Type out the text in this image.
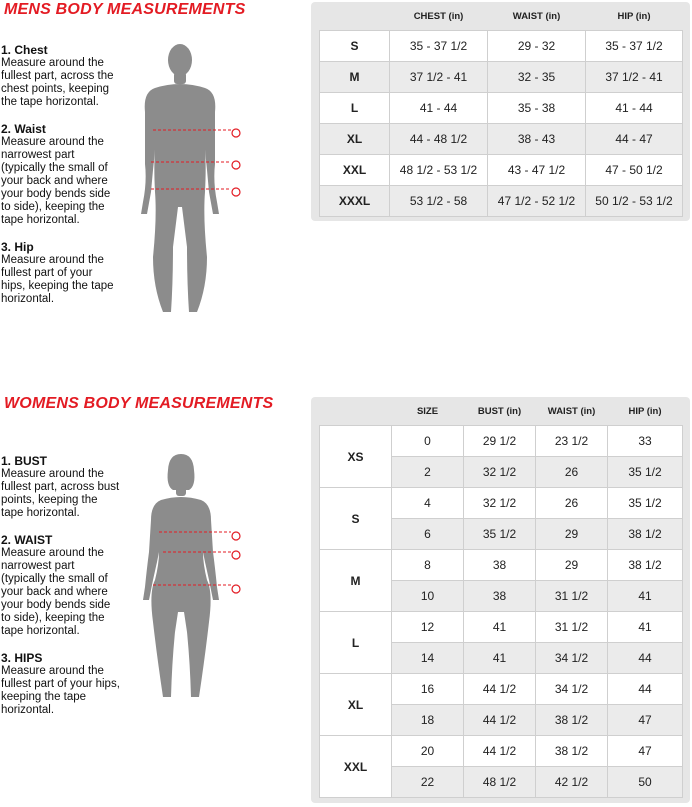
MENS BODY MEASUREMENTS
1. Chest
Measure around the fullest part, across the chest points, keeping the tape horizontal.
2. Waist
Measure around the narrowest part (typically the small of your back and where your body bends side to side), keeping the tape horizontal.
3. Hip
Measure around the fullest part of your hips, keeping the tape horizontal.
	CHEST (in)	WAIST (in)	HIP (in)
S	35 - 37 1/2	29 - 32	35 - 37 1/2
M	37 1/2 - 41	32 - 35	37 1/2 - 41
L	41 - 44	35 - 38	41 - 44
XL	44 - 48 1/2	38 - 43	44 - 47
XXL	48 1/2 - 53 1/2	43 - 47 1/2	47 - 50 1/2
XXXL	53 1/2 - 58	47 1/2 - 52 1/2	50 1/2 - 53 1/2
WOMENS BODY MEASUREMENTS
1. BUST
Measure around the fullest part, across bust points, keeping the tape horizontal.
2. WAIST
Measure around the narrowest part (typically the small of your back and where your body bends side to side), keeping the tape horizontal.
3. HIPS
Measure around the fullest part of your hips, keeping the tape horizontal.
	SIZE	BUST (in)	WAIST (in)	HIP (in)
XS	0	29 1/2	23 1/2	33
	2	32 1/2	26	35 1/2
S	4	32 1/2	26	35 1/2
	6	35 1/2	29	38 1/2
M	8	38	29	38 1/2
	10	38	31 1/2	41
L	12	41	31 1/2	41
	14	41	34 1/2	44
XL	16	44 1/2	34 1/2	44
	18	44 1/2	38 1/2	47
XXL	20	44 1/2	38 1/2	47
	22	48 1/2	42 1/2	50
